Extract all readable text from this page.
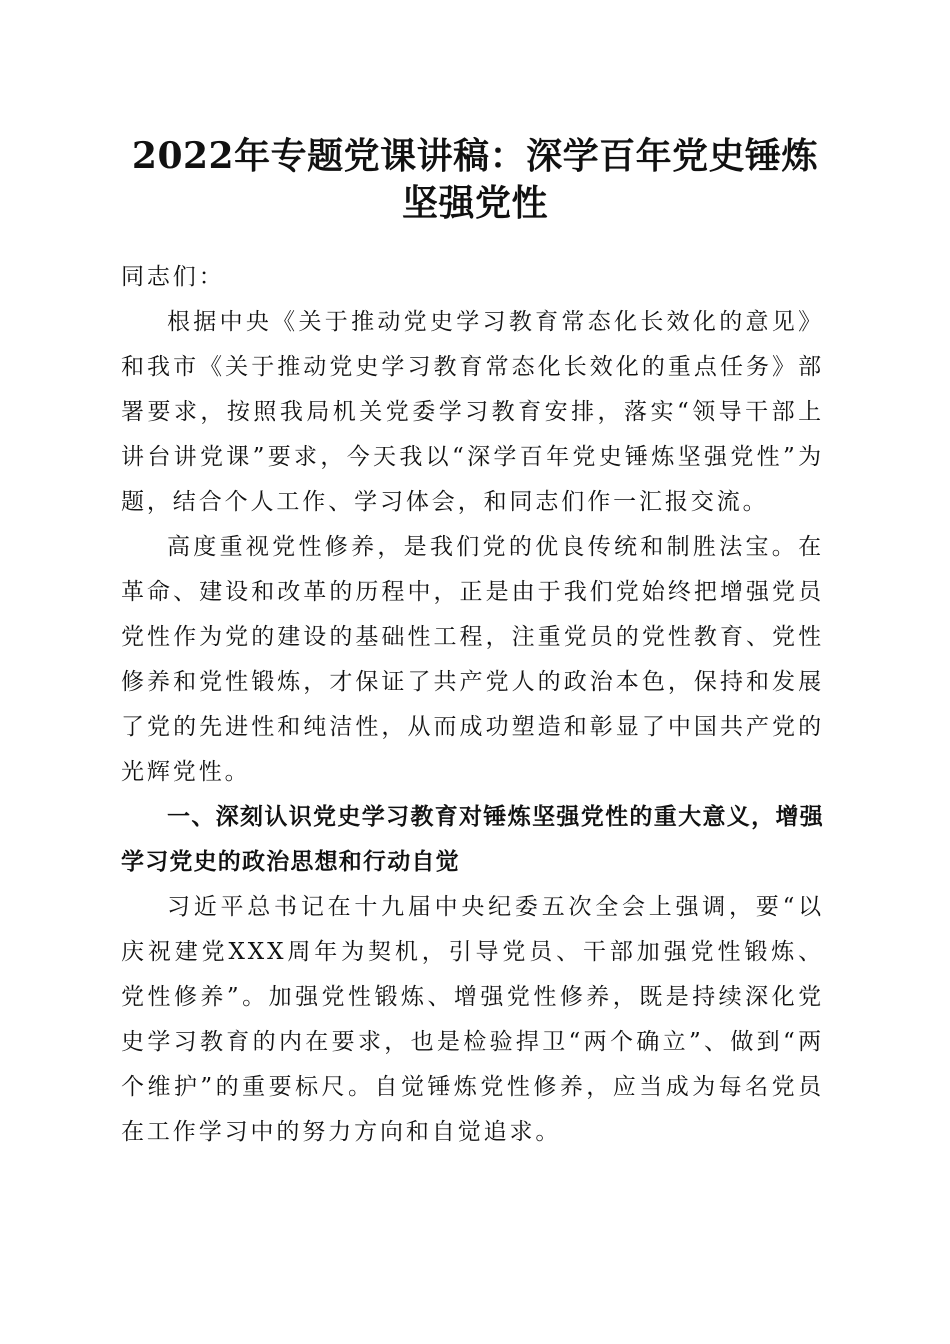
2022年专题党课讲稿：深学百年党史锤炼坚强党性

同志们：

根据中央《关于推动党史学习教育常态化长效化的意见》和我市《关于推动党史学习教育常态化长效化的重点任务》部署要求，按照我局机关党委学习教育安排，落实“领导干部上讲台讲党课”要求，今天我以“深学百年党史锤炼坚强党性”为题，结合个人工作、学习体会，和同志们作一汇报交流。

高度重视党性修养，是我们党的优良传统和制胜法宝。在革命、建设和改革的历程中，正是由于我们党始终把增强党员党性作为党的建设的基础性工程，注重党员的党性教育、党性修养和党性锻炼，才保证了共产党人的政治本色，保持和发展了党的先进性和纯洁性，从而成功塑造和彰显了中国共产党的光辉党性。

一、深刻认识党史学习教育对锤炼坚强党性的重大意义，增强学习党史的政治思想和行动自觉

习近平总书记在十九届中央纪委五次全会上强调，要“以庆祝建党XXX周年为契机，引导党员、干部加强党性锻炼、党性修养”。加强党性锻炼、增强党性修养，既是持续深化党史学习教育的内在要求，也是检验捍卫“两个确立”、做到“两个维护”的重要标尺。自觉锤炼党性修养，应当成为每名党员在工作学习中的努力方向和自觉追求。
